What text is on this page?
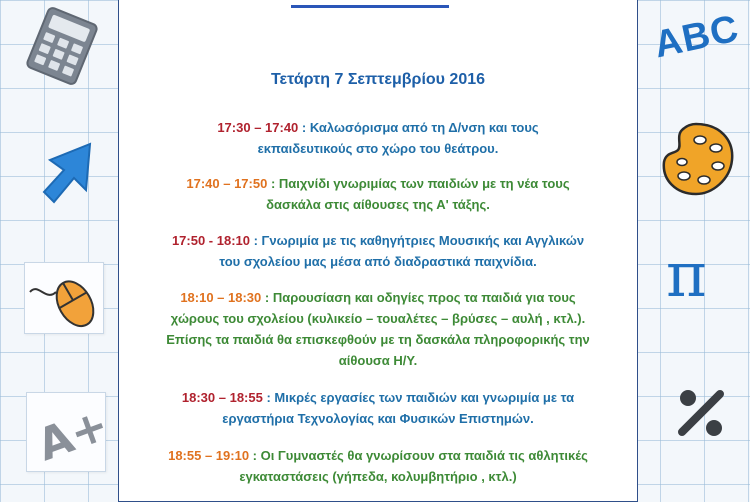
A+
Τετάρτη 7 Σεπτεμβρίου 2016
17:30 – 17:40 : Καλωσόρισμα από τη Δ/νση και τους
εκπαιδευτικούς στο χώρο του θεάτρου.
17:40 – 17:50 : Παιχνίδι γνωριμίας των παιδιών με τη νέα τους
δασκάλα στις αίθουσες της Α' τάξης.
17:50 - 18:10 : Γνωριμία με τις καθηγήτριες Μουσικής και Αγγλικών
του σχολείου μας μέσα από διαδραστικά παιχνίδια.
18:10 – 18:30 : Παρουσίαση και οδηγίες προς τα παιδιά για τους
χώρους του σχολείου (κυλικείο – τουαλέτες – βρύσες – αυλή , κτλ.).
Επίσης τα παιδιά θα επισκεφθούν με τη δασκάλα πληροφορικής την
αίθουσα Η/Υ.
18:30 – 18:55 : Μικρές εργασίες των παιδιών και γνωριμία με τα
εργαστήρια Τεχνολογίας και Φυσικών Επιστημών.
18:55 – 19:10 : Οι Γυμναστές θα γνωρίσουν στα παιδιά τις αθλητικές
εγκαταστάσεις (γήπεδα, κολυμβητήριο , κτλ.)
ABC
π
